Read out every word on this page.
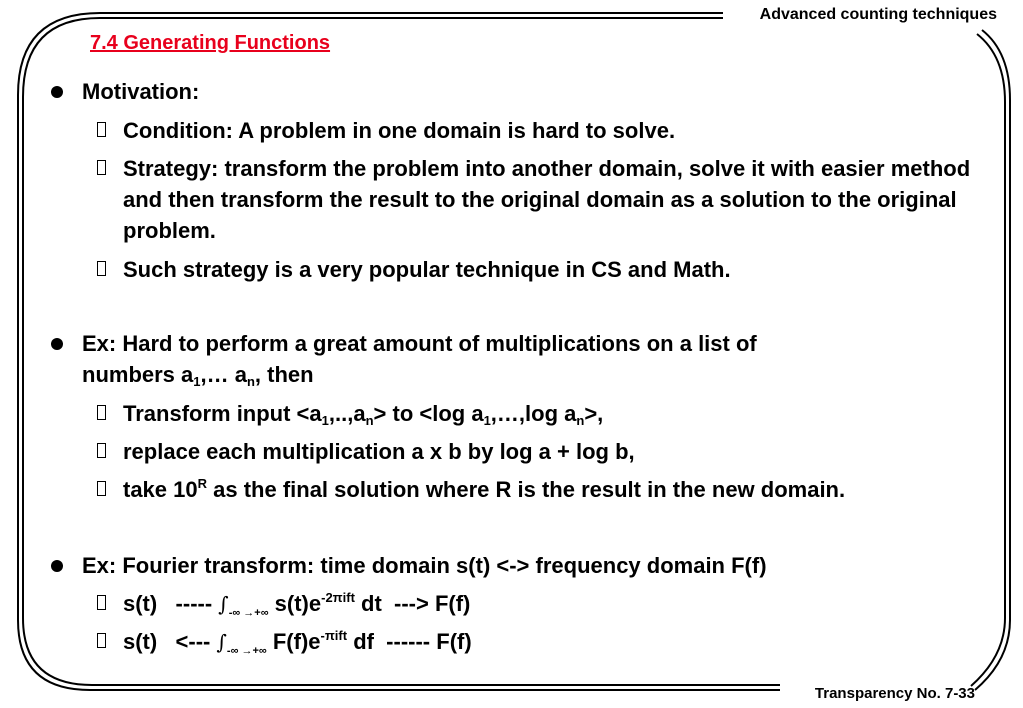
Advanced counting techniques
7.4 Generating Functions
Motivation:
Condition: A problem in one domain is hard to solve.
Strategy: transform the problem into another domain, solve it with easier method and then transform the result to the original domain as a solution to the original problem.
Such strategy is a very popular technique in CS and Math.
Ex: Hard to perform a great amount of multiplications on a list of
numbers $a_1,\dots$ $a_n$, then
Transform input $<a_1,..,a_n>$ to <log $a_1,\dots,\log$ $a_n>$,
replace each multiplication a x b by log a + log b,
take $10^R$ as the final solution where R is the result in the new domain.
Ex: Fourier transform: time domain s(t) <-> frequency domain F(f)
s(t)   ----- $\int_{-\infty \to+\infty}$ $s(t)e^{-2\pi ift}$ dt  ---> F(f)
s(t)   <--- $\int_{-\infty \to+\infty}$ $F(f)e^{-\pi ift}$ df  ------ F(f)
Transparency No. 7-33
